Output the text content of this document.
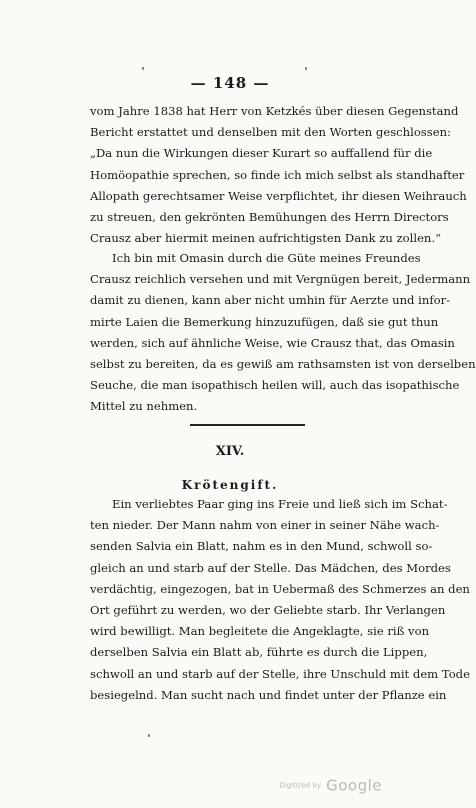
— 148 —
vom Jahre 1838 hat Herr von Ketzkés über diesen Gegenstand
Bericht erstattet und denselben mit den Worten geschlossen:
„Da nun die Wirkungen dieser Kurart so auffallend für die
Homöopathie sprechen, so finde ich mich selbst als standhafter
Allopath gerechtsamer Weise verpflichtet, ihr diesen Weihrauch
zu streuen, den gekrönten Bemühungen des Herrn Directors
Crausz aber hiermit meinen aufrichtigsten Dank zu zollen.“
Ich bin mit Omasin durch die Güte meines Freundes
Crausz reichlich versehen und mit Vergnügen bereit, Jedermann
damit zu dienen, kann aber nicht umhin für Aerzte und infor-
mirte Laien die Bemerkung hinzuzufügen, daß sie gut thun
werden, sich auf ähnliche Weise, wie Crausz that, das Omasin
selbst zu bereiten, da es gewiß am rathsamsten ist von derselben
Seuche, die man isopathisch heilen will, auch das isopathische
Mittel zu nehmen.
XIV.
Krötengift.
Ein verliebtes Paar ging ins Freie und ließ sich im Schat-
ten nieder. Der Mann nahm von einer in seiner Nähe wach-
senden Salvia ein Blatt, nahm es in den Mund, schwoll so-
gleich an und starb auf der Stelle. Das Mädchen, des Mordes
verdächtig, eingezogen, bat in Uebermaß des Schmerzes an den
Ort geführt zu werden, wo der Geliebte starb. Ihr Verlangen
wird bewilligt. Man begleitete die Angeklagte, sie riß von
derselben Salvia ein Blatt ab, führte es durch die Lippen,
schwoll an und starb auf der Stelle, ihre Unschuld mit dem Tode
besiegelnd. Man sucht nach und findet unter der Pflanze ein
Digitized by Google
